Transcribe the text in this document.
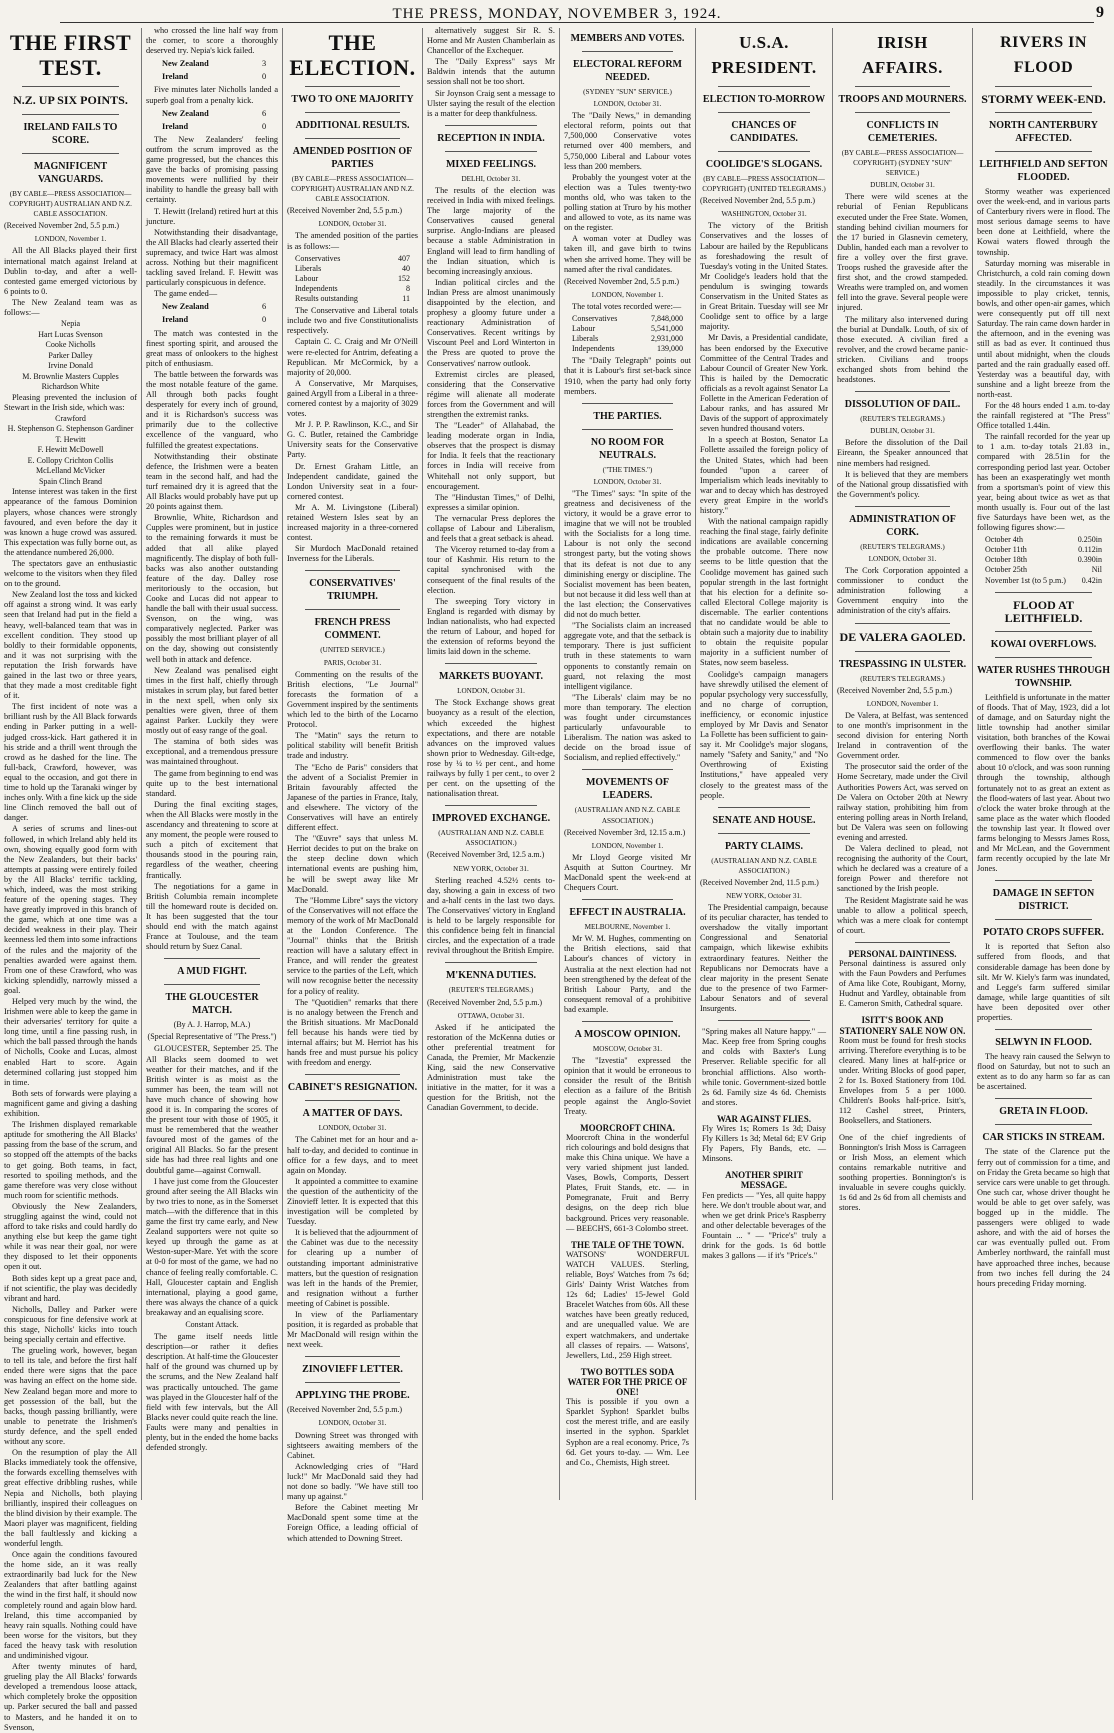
THE PRESS, MONDAY, NOVEMBER 3, 1924.	9
THE FIRST TEST.
N.Z. UP SIX POINTS.
IRELAND FAILS TO SCORE.
MAGNIFICENT VANGUARDS.
(BY CABLE—PRESS ASSOCIATION—COPYRIGHT) AUSTRALIAN AND N.Z. CABLE ASSOCIATION.
(Received November 2nd, 5.5 p.m.)
LONDON, November 1.

All the All Blacks played their first international match against Ireland at Dublin to-day, and after a well-contested game emerged victorious by 6 points to 0.

The New Zealand team was as follows:—

Nepia
Hart Lucas Svenson
Cooke Nicholls
Parker Dalley
Irvine Donald
M. Brownlie Masters Cupples
Richardson White

Pleasing prevented the inclusion of Stewart in the Irish side, which was:

Crawford
H. Stephenson G. Stephenson Gardiner
T. Hewitt
F. Hewitt McDowell
E. Collopy Crichton Collis
McLelland McVicker
Spain Clinch Brand

Intense interest was taken in the first appearance of the famous Dominion players, whose chances were strongly favoured, and even before the day it was known a huge crowd was assured. This expectation was fully borne out, as the attendance numbered 26,000.

The spectators gave an enthusiastic welcome to the visitors when they filed on to the ground.

New Zealand lost the toss and kicked off against a strong wind. It was early seen that Ireland had put in the field a heavy, well-balanced team that was in excellent condition. They stood up boldly to their formidable opponents, and it was not surprising with the reputation the Irish forwards have gained in the last two or three years, that they made a most creditable fight of it.

The first incident of note was a brilliant rush by the All Black forwards ending in Parker putting in a well-judged cross-kick. Hart gathered it in his stride and a thrill went through the crowd as he dashed for the line. The full-back, Crawford, however, was equal to the occasion, and got there in time to hold up the Taranaki winger by inches only. With a fine kick up the side line Clinch removed the ball out of danger.

A series of scrums and lines-out followed, in which Ireland ably held its own, showing equally good form with the New Zealanders, but their backs' attempts at passing were entirely foiled by the All Blacks' terrific tackling, which, indeed, was the most striking feature of the opening stages. They have greatly improved in this branch of the game, which at one time was a decided weakness in their play. Their keenness led them into some infractions of the rules and the majority of the penalties awarded were against them. From one of these Crawford, who was kicking splendidly, narrowly missed a goal.

Helped very much by the wind, the Irishmen were able to keep the game in their adversaries' territory for quite a long time, until a fine passing rush, in which the ball passed through the hands of Nicholls, Cooke and Lucas, almost enabled Hart to score. Again determined collaring just stopped him in time.

Both sets of forwards were playing a magnificent game and giving a dashing exhibition.

The Irishmen displayed remarkable aptitude for smothering the All Blacks' passing from the base of the scrum, and so stopped off the attempts of the backs to get going. Both teams, in fact, resorted to spoiling methods, and the game therefore was very close without much room for scientific methods.

Obviously the New Zealanders, struggling against the wind, could not afford to take risks and could hardly do anything else but keep the game tight while it was near their goal, nor were they disposed to let their opponents open it out.

Both sides kept up a great pace and, if not scientific, the play was decidedly vibrant and hard.

Nicholls, Dalley and Parker were conspicuous for fine defensive work at this stage, Nicholls' kicks into touch being specially certain and effective.

The grueling work, however, began to tell its tale, and before the first half ended there were signs that the pace was having an effect on the home side. New Zealand began more and more to get possession of the ball, but the backs, though passing brilliantly, were unable to penetrate the Irishmen's sturdy defence, and the spell ended without any score.

On the resumption of play the All Blacks immediately took the offensive, the forwards excelling themselves with great effective dribbling rushes, while Nepia and Nicholls, both playing brilliantly, inspired their colleagues on the blind division by their example. The Maori player was magnificent, fielding the ball faultlessly and kicking a wonderful length.

Once again the conditions favoured the home side, an it was really extraordinarily bad luck for the New Zealanders that after battling against the wind in the first half, it should now completely round and again blow hard. Ireland, this time accompanied by heavy rain squalls. Nothing could have been worse for the visitors, but they faced the heavy task with resolution and undiminished vigour.

After twenty minutes of hard, grueling play the All Blacks' forwards developed a tremendous loose attack, which completely broke the opposition up. Parker secured the ball and passed to Masters, and he handed it on to Svenson,

who crossed the line half way from the corner, to score a thoroughly deserved try. Nepia's kick failed.

New Zealand	3
Ireland	0

Five minutes later Nicholls landed a superb goal from a penalty kick.

New Zealand	6
Ireland	0

The New Zealanders' feeling outfrom the scrum improved as the game progressed, but the chances this gave the backs of promising passing movements were nullified by their inability to handle the greasy ball with certainty.

T. Hewitt (Ireland) retired hurt at this juncture.

Notwithstanding their disadvantage, the All Blacks had clearly asserted their supremacy, and twice Hart was almost across. Nothing but their magnificent tackling saved Ireland. F. Hewitt was particularly conspicuous in defence.

The game ended—

New Zealand	6
Ireland	0

The match was contested in the finest sporting spirit, and aroused the great mass of onlookers to the highest pitch of enthusiasm.

The battle between the forwards was the most notable feature of the game. All through both packs fought desperately for every inch of ground, and it is Richardson's success was primarily due to the collective excellence of the vanguard, who fulfilled the greatest expectations.

Notwithstanding their obstinate defence, the Irishmen were a beaten team in the second half, and had the turf remained dry it is agreed that the All Blacks would probably have put up 20 points against them.

Brownlie, White, Richardson and Cupples were prominent, but in justice to the remaining forwards it must be added that all alike played magnificently. The display of both full-backs was also another outstanding feature of the day. Dalley rose meritoriously to the occasion, but Cooke and Lucas did not appear to handle the ball with their usual success. Svenson, on the wing, was comparatively neglected. Parker was possibly the most brilliant player of all on the day, showing out consistently well both in attack and defence.

New Zealand was penalised eight times in the first half, chiefly through mistakes in scrum play, but fared better in the next spell, when only six penalties were given, three of them against Parker. Luckily they were mostly out of easy range of the goal.

The stamina of both sides was exceptional, and a tremendous pressure was maintained throughout.

The game from beginning to end was quite up to the best international standard.

During the final exciting stages, when the All Blacks were mostly in the ascendancy and threatening to score at any moment, the people were roused to such a pitch of excitement that thousands stood in the pouring rain, regardless of the weather, cheering frantically.

The negotiations for a game in British Columbia remain incomplete till the homeward route is decided on. It has been suggested that the tour should end with the match against France at Toulouse, and the team should return by Suez Canal.

A MUD FIGHT.
THE GLOUCESTER MATCH.
(By A. J. Harrop, M.A.)
(Special Representative of "The Press.")

GLOUCESTER, September 25. The All Blacks seem doomed to wet weather for their matches, and if the British winter is as moist as the summer has been, the team will not have much chance of showing how good it is. In comparing the scores of the present tour with those of 1905, it must be remembered that the weather favoured most of the games of the original All Blacks. So far the present side has had three real lights and one doubtful game—against Cornwall.

I have just come from the Gloucester ground after seeing the All Blacks win by two tries to none, as in the Somerset match—with the difference that in this game the first try came early, and New Zealand supporters were not quite so keyed up through the game as at Weston-super-Mare. Yet with the score at 0-0 for most of the game, we had no chance of feeling really comfortable. C. Hall, Gloucester captain and English international, playing a good game, there was always the chance of a quick breakaway and an equalising score.

Constant Attack.

The game itself needs little description—or rather it defies description. At half-time the Gloucester half of the ground was churned up by the scrums, and the New Zealand half was practically untouched. The game was played in the Gloucester half of the field with few intervals, but the All Blacks never could quite reach the line. Faults were many and penalties in plenty, but in the ended the home backs defended strongly.

THE ELECTION.
TWO TO ONE MAJORITY
ADDITIONAL RESULTS.
AMENDED POSITION OF PARTIES
(BY CABLE—PRESS ASSOCIATION—COPYRIGHT) AUSTRALIAN AND N.Z. CABLE ASSOCIATION.
(Received November 2nd, 5.5 p.m.)
LONDON, October 31.

The amended position of the parties is as follows:—

Conservatives	407
Liberals	40
Labour	152
Independents	8
Results outstanding	11

The Conservative and Liberal totals include two and five Constitutionalists respectively.

Captain C. C. Craig and Mr O'Neill were re-elected for Antrim, defeating a Republican. Mr McCormick, by a majority of 20,000.

A Conservative, Mr Marquises, gained Argyll from a Liberal in a three-cornered contest by a majority of 3029 votes.

Mr J. P. P. Rawlinson, K.C., and Sir G. C. Butler, retained the Cambridge University seats for the Conservative Party.

Dr. Ernest Graham Little, an Independent candidate, gained the London University seat in a four-cornered contest.

Mr A. M. Livingstone (Liberal) retained Western Isles seat by an increased majority in a three-cornered contest.

Sir Murdoch MacDonald retained Inverness for the Liberals.

CONSERVATIVES' TRIUMPH.
FRENCH PRESS COMMENT.
(UNITED SERVICE.)
PARIS, October 31.

Commenting on the results of the British elections, "Le Journal" forecasts the formation of a Government inspired by the sentiments which led to the birth of the Locarno Protocol.

The "Matin" says the return to political stability will benefit British trade and industry.

The "Echo de Paris" considers that the advent of a Socialist Premier in Britain favourably affected the Japanese of the parties in France, Italy, and elsewhere. The victory of the Conservatives will have an entirely different effect.

The "Œuvre" says that unless M. Herriot decides to put on the brake on the steep decline down which international events are pushing him, he will be swept away like Mr MacDonald.

The "Homme Libre" says the victory of the Conservatives will not efface the memory of the work of Mr MacDonald at the London Conference. The "Journal" thinks that the British reaction will have a salutary effect in France, and will render the greatest service to the parties of the Left, which will now recognise better the necessity for a policy of reality.

The "Quotidien" remarks that there is no analogy between the French and the British situations. Mr MacDonald fell because his hands were tied by internal affairs; but M. Herriot has his hands free and must pursue his policy with freedom and energy.

CABINET'S RESIGNATION.
A MATTER OF DAYS.
LONDON, October 31.

The Cabinet met for an hour and a-half to-day, and decided to continue in office for a few days, and to meet again on Monday.

It appointed a committee to examine the question of the authenticity of the Zinovieff letter. It is expected that this investigation will be completed by Tuesday.

It is believed that the adjournment of the Cabinet was due to the necessity for clearing up a number of outstanding important administrative matters, but the question of resignation was left in the hands of the Premier, and resignation without a further meeting of Cabinet is possible.

In view of the Parliamentary position, it is regarded as probable that Mr MacDonald will resign within the next week.

ZINOVIEFF LETTER.
APPLYING THE PROBE.
(Received November 2nd, 5.5 p.m.)
LONDON, October 31.

Downing Street was thronged with sightseers awaiting members of the Cabinet.

Acknowledging cries of "Hard luck!" Mr MacDonald said they had not done so badly. "We have still too many up against."

Before the Cabinet meeting Mr MacDonald spent some time at the Foreign Office, a leading official of which attended to Downing Street.

alternatively suggest Sir R. S. Horne and Mr Austen Chamberlain as Chancellor of the Exchequer.

The "Daily Express" says Mr Baldwin intends that the autumn session shall not be too short.

Sir Joynson Craig sent a message to Ulster saying the result of the election is a matter for deep thankfulness.

RECEPTION IN INDIA.
MIXED FEELINGS.
DELHI, October 31.

The results of the election was received in India with mixed feelings. The large majority of the Conservatives caused general surprise. Anglo-Indians are pleased because a stable Administration in England will lead to firm handling of the Indian situation, which is becoming increasingly anxious.

Indian political circles and the Indian Press are almost unanimously disappointed by the election, and prophesy a gloomy future under a reactionary Administration of Conservatives. Recent writings by Viscount Peel and Lord Winterton in the Press are quoted to prove the Conservatives' narrow outlook.

Extremist circles are pleased, considering that the Conservative régime will alienate all moderate forces from the Government and will strengthen the extremist ranks.

The "Leader" of Allahabad, the leading moderate organ in India, observes that the prospect is dismay for India. It feels that the reactionary forces in India will receive from Whitehall not only support, but encouragement.

The "Hindustan Times," of Delhi, expresses a similar opinion.

The vernacular Press deplores the collapse of Labour and Liberalism, and feels that a great setback is ahead.

The Viceroy returned to-day from a tour of Kashmir. His return to the capital synchronised with the consequent of the final results of the election.

The sweeping Tory victory in England is regarded with dismay by Indian nationalists, who had expected the return of Labour, and hoped for the extension of reforms beyond the limits laid down in the scheme.

MARKETS BUOYANT.
LONDON, October 31.

The Stock Exchange shows great buoyancy as a result of the election, which exceeded the highest expectations, and there are notable advances on the improved values shown prior to Wednesday. Gilt-edge, rose by ¼ to ½ per cent., and home railways by fully 1 per cent., to over 2 per cent. on the upsetting of the nationalisation threat.

IMPROVED EXCHANGE.
(AUSTRALIAN AND N.Z. CABLE ASSOCIATION.)
(Received November 3rd, 12.5 a.m.)
NEW YORK, October 31.

Sterling reached 4.52½ cents to-day, showing a gain in excess of two and a-half cents in the last two days. The Conservatives' victory in England is held to be largely responsible for this confidence being felt in financial circles, and the expectation of a trade revival throughout the British Empire.

M'KENNA DUTIES.
(REUTER'S TELEGRAMS.)
(Received November 2nd, 5.5 p.m.)
OTTAWA, October 31.

Asked if he anticipated the restoration of the McKenna duties or other preferential treatment for Canada, the Premier, Mr Mackenzie King, said the new Conservative Administration must take the initiative in the matter, for it was a question for the British, not the Canadian Government, to decide.

MEMBERS AND VOTES.
ELECTORAL REFORM NEEDED.
(SYDNEY "SUN" SERVICE.)
LONDON, October 31.

The "Daily News," in demanding electoral reform, points out that 7,500,000 Conservative votes returned over 400 members, and 5,750,000 Liberal and Labour votes less than 200 members.

Probably the youngest voter at the election was a Tules twenty-two months old, who was taken to the polling station at Truro by his mother and allowed to vote, as its name was on the register.

A woman voter at Dudley was taken ill, and gave birth to twins when she arrived home. They will be named after the rival candidates.

(Received November 2nd, 5.5 p.m.)
LONDON, November 1.

The total votes recorded were:—

Conservatives	7,848,000
Labour	5,541,000
Liberals	2,931,000
Independents	139,000

The "Daily Telegraph" points out that it is Labour's first set-back since 1910, when the party had only forty members.

THE PARTIES.
NO ROOM FOR NEUTRALS.
("THE TIMES.")
LONDON, October 31.

"The Times" says: "In spite of the greatness and decisiveness of the victory, it would be a grave error to imagine that we will not be troubled with the Socialists for a long time. Labour is not only the second strongest party, but the voting shows that its defeat is not due to any diminishing energy or discipline. The Socialist movement has been beaten, but not because it did less well than at the last election; the Conservatives did not do much better.

"The Socialists claim an increased aggregate vote, and that the setback is temporary. There is just sufficient truth in these statements to warn opponents to constantly remain on guard, not relaxing the most intelligent vigilance.

"The Liberals' claim may be no more than temporary. The election was fought under circumstances particularly unfavourable to Liberalism. The nation was asked to decide on the broad issue of Socialism, and replied effectively."

MOVEMENTS OF LEADERS.
(AUSTRALIAN AND N.Z. CABLE ASSOCIATION.)
(Received November 3rd, 12.15 a.m.)
LONDON, November 1.

Mr Lloyd George visited Mr Asquith at Sutton Courtney. Mr MacDonald spent the week-end at Chequers Court.

EFFECT IN AUSTRALIA.
MELBOURNE, November 1.

Mr W. M. Hughes, commenting on the British elections, said that Labour's chances of victory in Australia at the next election had not been strengthened by the defeat of the British Labour Party, and the consequent removal of a prohibitive bad example.

A MOSCOW OPINION.
MOSCOW, October 31.

The "Izvestia" expressed the opinion that it would be erroneous to consider the result of the British election as a failure of the British people against the Anglo-Soviet Treaty.

MOORCROFT CHINA.

Moorcroft China in the wonderful rich colourings and bold designs that make this China unique. We have a very varied shipment just landed. Vases, Bowls, Comports, Dessert Plates, Fruit Stands, etc. — in Pomegranate, Fruit and Berry designs, on the deep rich blue background. Prices very reasonable. — BEECH'S, 661-3 Colombo street.

THE TALE OF THE TOWN.

WATSONS' WONDERFUL WATCH VALUES. Sterling, reliable, Boys' Watches from 7s 6d; Girls' Dainty Wrist Watches from 12s 6d; Ladies' 15-Jewel Gold Bracelet Watches from 60s. All these watches have been greatly reduced, and are unequalled value. We are expert watchmakers, and undertake all classes of repairs. — Watsons', Jewellers, Ltd., 259 High street.

TWO BOTTLES SODA WATER FOR THE PRICE OF ONE!

This is possible if you own a Sparklet Syphon! Sparklet bulbs cost the merest trifle, and are easily inserted in the syphon. Sparklet Syphon are a real economy. Price, 7s 6d. Get yours to-day. — Wm. Lee and Co., Chemists, High street.

U.S.A. PRESIDENT.
ELECTION TO-MORROW
CHANCES OF CANDIDATES.
COOLIDGE'S SLOGANS.
(BY CABLE—PRESS ASSOCIATION—COPYRIGHT) (UNITED TELEGRAMS.)
(Received November 2nd, 5.5 p.m.)
WASHINGTON, October 31.

The victory of the British Conservatives and the losses of Labour are hailed by the Republicans as foreshadowing the result of Tuesday's voting in the United States. Mr Coolidge's leaders hold that the pendulum is swinging towards Conservatism in the United States as in Great Britain. Tuesday will see Mr Coolidge sent to office by a large majority.

Mr Davis, a Presidential candidate, has been endorsed by the Executive Committee of the Central Trades and Labour Council of Greater New York. This is hailed by the Democratic officials as a revolt against Senator La Follette in the American Federation of Labour ranks, and has assured Mr Davis of the support of approximately seven hundred thousand voters.

In a speech at Boston, Senator La Follette assailed the foreign policy of the United States, which had been founded "upon a career of Imperialism which leads inevitably to war and to decay which has destroyed every great Empire in the world's history."

With the national campaign rapidly reaching the final stage, fairly definite indications are available concerning the probable outcome. There now seems to be little question that the Coolidge movement has gained such popular strength in the last fortnight that his election for a definite so-called Electoral College majority is discernable. The earlier contentions that no candidate would be able to obtain such a majority due to inability to obtain the requisite popular majority in a sufficient number of States, now seem baseless.

Coolidge's campaign managers have shrewdly utilised the element of popular psychology very successfully, and no charge of corruption, inefficiency, or economic injustice employed by Mr Davis and Senator La Follette has been sufficient to gain-say it. Mr Coolidge's major slogans, namely "Safety and Sanity," and "No Overthrowing of Existing Institutions," have appealed very closely to the greatest mass of the people.

SENATE AND HOUSE.
PARTY CLAIMS.
(AUSTRALIAN AND N.Z. CABLE ASSOCIATION.)
(Received November 2nd, 11.5 p.m.)
NEW YORK, October 31.

The Presidential campaign, because of its peculiar character, has tended to overshadow the vitally important Congressional and Senatorial campaign, which likewise exhibits extraordinary features. Neither the Republicans nor Democrats have a clear majority in the present Senate due to the presence of two Farmer-Labour Senators and of several Insurgents.

"Spring makes all Nature happy." —Mac. Keep free from Spring coughs and colds with Baxter's Lung Preserver. Reliable specific for all bronchial afflictions. Also worth-while tonic. Government-sized bottle 2s 6d. Family size 4s 6d. Chemists and stores.

WAR AGAINST FLIES.

Fly Wires 1s; Romers 1s 3d; Daisy Fly Killers 1s 3d; Metal 6d; EV Grip Fly Papers, Fly Bands, etc. — Minsons.

ANOTHER SPIRIT MESSAGE.

Fen predicts — "Yes, all quite happy here. We don't trouble about war, and when we get drink Price's Raspberry and other delectable beverages of the Fountain ... " — "Price's" truly a drink for the gods. 1s 6d bottle makes 3 gallons — if it's "Price's."

IRISH AFFAIRS.
TROOPS AND MOURNERS.
CONFLICTS IN CEMETERIES.
(BY CABLE—PRESS ASSOCIATION—COPYRIGHT) (SYDNEY "SUN" SERVICE.)
DUBLIN, October 31.

There were wild scenes at the reburial of Fenian Republicans executed under the Free State. Women, standing behind civilian mourners for the 17 buried in Glasnevin cemetery, Dublin, handed each man a revolver to fire a volley over the first grave. Troops rushed the graveside after the first shot, and the crowd stampeded. Wreaths were trampled on, and women fell into the grave. Several people were injured.

The military also intervened during the burial at Dundalk. Louth, of six of those executed. A civilian fired a revolver, and the crowd became panic-stricken. Civilians and troops exchanged shots from behind the headstones.

DISSOLUTION OF DAIL.
(REUTER'S TELEGRAMS.)
DUBLIN, October 31.

Before the dissolution of the Dail Eireann, the Speaker announced that nine members had resigned.

It is believed that they are members of the National group dissatisfied with the Government's policy.

ADMINISTRATION OF CORK.
(REUTER'S TELEGRAMS.)
LONDON, October 31.

The Cork Corporation appointed a commissioner to conduct the administration following a Government enquiry into the administration of the city's affairs.

DE VALERA GAOLED.
TRESPASSING IN ULSTER.
(REUTER'S TELEGRAMS.)
(Received November 2nd, 5.5 p.m.)
LONDON, November 1.

De Valera, at Belfast, was sentenced to one month's imprisonment in the second division for entering North Ireland in contravention of the Government order.

The prosecutor said the order of the Home Secretary, made under the Civil Authorities Powers Act, was served on De Valera on October 20th at Newry railway station, prohibiting him from entering polling areas in North Ireland, but De Valera was seen on following evening and arrested.

De Valera declined to plead, not recognising the authority of the Court, which he declared was a creature of a foreign Power and therefore not sanctioned by the Irish people.

The Resident Magistrate said he was unable to allow a political speech, which was a mere cloak for contempt of court.

PERSONAL DAINTINESS.

Personal daintiness is assured only with the Faun Powders and Perfumes of Ama like Cote, Roubigant, Morny, Hudnut and Yardley, obtainable from E. Cameron Smith, Cathedral square.

ISITT'S BOOK AND STATIONERY SALE NOW ON.

Room must be found for fresh stocks arriving. Therefore everything is to be cleared. Many lines at half-price or under. Writing Blocks of good paper, 2 for 1s. Boxed Stationery from 10d. Envelopes from 5 a per 1000. Children's Books half-price. Isitt's, 112 Cashel street, Printers, Booksellers, and Stationers.

One of the chief ingredients of Bonnington's Irish Moss is Carrageen or Irish Moss, an element which contains remarkable nutritive and soothing properties. Bonnington's is invaluable in severe coughs quickly. 1s 6d and 2s 6d from all chemists and stores.

RIVERS IN FLOOD
STORMY WEEK-END.
NORTH CANTERBURY AFFECTED.
LEITHFIELD AND SEFTON FLOODED.

Stormy weather was experienced over the week-end, and in various parts of Canterbury rivers were in flood. The most serious damage seems to have been done at Leithfield, where the Kowai waters flowed through the township.

Saturday morning was miserable in Christchurch, a cold rain coming down steadily. In the circumstances it was impossible to play cricket, tennis, bowls, and other open-air games, which were consequently put off till next Saturday. The rain came down harder in the afternoon, and in the evening was still as bad as ever. It continued thus until about midnight, when the clouds parted and the rain gradually eased off. Yesterday was a beautiful day, with sunshine and a light breeze from the north-east.

For the 48 hours ended 1 a.m. to-day the rainfall registered at "The Press" Office totalled 1.44in.

The rainfall recorded for the year up to 1 a.m. to-day totals 21.83 in., compared with 28.51in for the corresponding period last year. October has been an exasperatingly wet month from a sportsman's point of view this year, being about twice as wet as that month usually is. Four out of the last five Saturdays have been wet, as the following figures show:—

October 4th	0.250in
October 11th	0.112in
October 18th	0.390in
October 25th	Nil
November 1st (to 5 p.m.)	0.42in
FLOOD AT LEITHFIELD.
KOWAI OVERFLOWS.
WATER RUSHES THROUGH TOWNSHIP.

Leithfield is unfortunate in the matter of floods. That of May, 1923, did a lot of damage, and on Saturday night the little township had another similar visitation, both branches of the Kowai overflowing their banks. The water commenced to flow over the banks about 10 o'clock, and was soon running through the township, although fortunately not to as great an extent as the flood-waters of last year. About two o'clock the water broke through at the same place as the water which flooded the township last year. It flowed over farms belonging to Messrs James Ross, and Mr McLean, and the Government farm recently occupied by the late Mr Jones.

DAMAGE IN SEFTON DISTRICT.
POTATO CROPS SUFFER.

It is reported that Sefton also suffered from floods, and that considerable damage has been done by silt. Mr W. Kiely's farm was inundated, and Legge's farm suffered similar damage, while large quantities of silt have been deposited over other properties.

SELWYN IN FLOOD.

The heavy rain caused the Selwyn to flood on Saturday, but not to such an extent as to do any harm so far as can be ascertained.

GRETA IN FLOOD.
CAR STICKS IN STREAM.

The state of the Clarence put the ferry out of commission for a time, and on Friday the Greta became so high that service cars were unable to get through. One such car, whose driver thought he would be able to get over safely, was bogged up in the middle. The passengers were obliged to wade ashore, and with the aid of horses the car was eventually pulled out. From Amberley northward, the rainfall must have approached three inches, because from two inches fell during the 24 hours preceding Friday morning.
